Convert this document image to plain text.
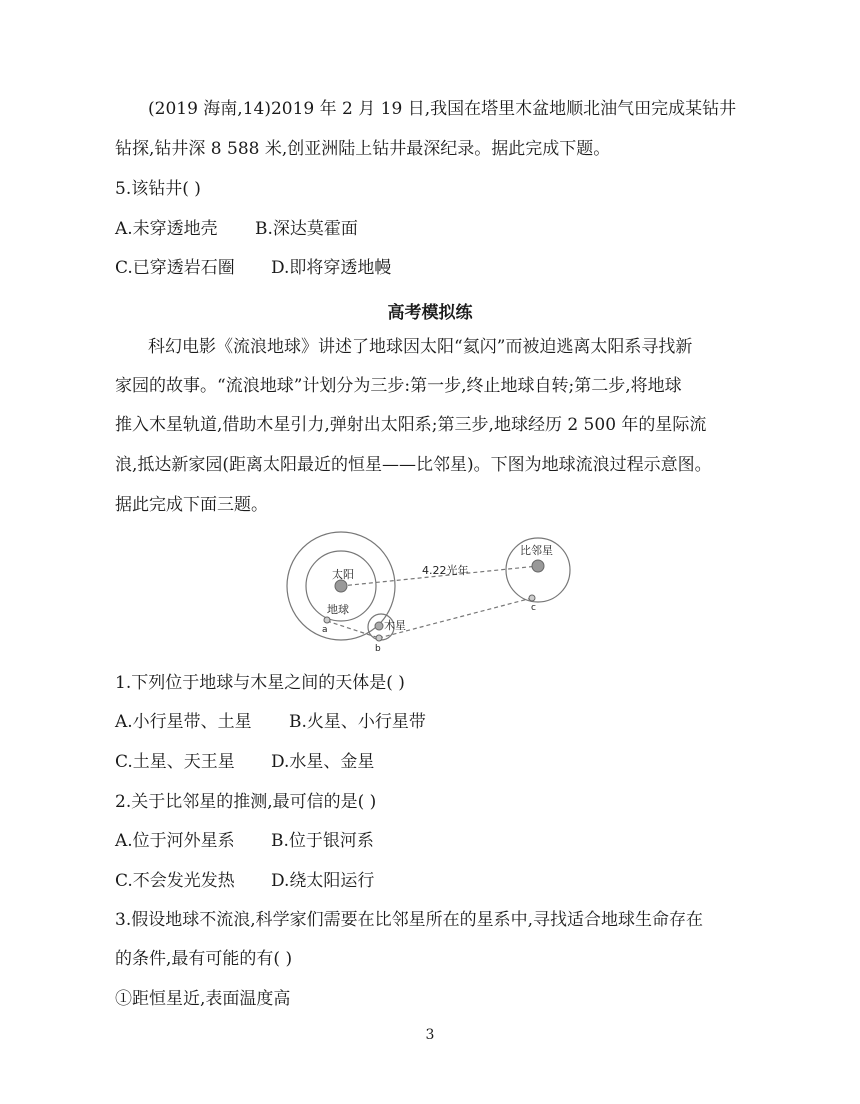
(2019 海南,14)2019 年 2 月 19 日,我国在塔里木盆地顺北油气田完成某钻井
钻探,钻井深 8 588 米,创亚洲陆上钻井最深纪录。据此完成下题。
5.该钻井( )
A.未穿透地壳 B.深达莫霍面
C.已穿透岩石圈 D.即将穿透地幔
高考模拟练
科幻电影《流浪地球》讲述了地球因太阳“氦闪”而被迫逃离太阳系寻找新
家园的故事。“流浪地球”计划分为三步:第一步,终止地球自转;第二步,将地球
推入木星轨道,借助木星引力,弹射出太阳系;第三步,地球经历 2 500 年的星际流
浪,抵达新家园(距离太阳最近的恒星——比邻星)。下图为地球流浪过程示意图。
据此完成下面三题。
太阳
地球
木星
比邻星
4.22光年
a
b
c
1.下列位于地球与木星之间的天体是( )
A.小行星带、土星 B.火星、小行星带
C.土星、天王星 D.水星、金星
2.关于比邻星的推测,最可信的是( )
A.位于河外星系 B.位于银河系
C.不会发光发热 D.绕太阳运行
3.假设地球不流浪,科学家们需要在比邻星所在的星系中,寻找适合地球生命存在
的条件,最有可能的有( )
①距恒星近,表面温度高
3
